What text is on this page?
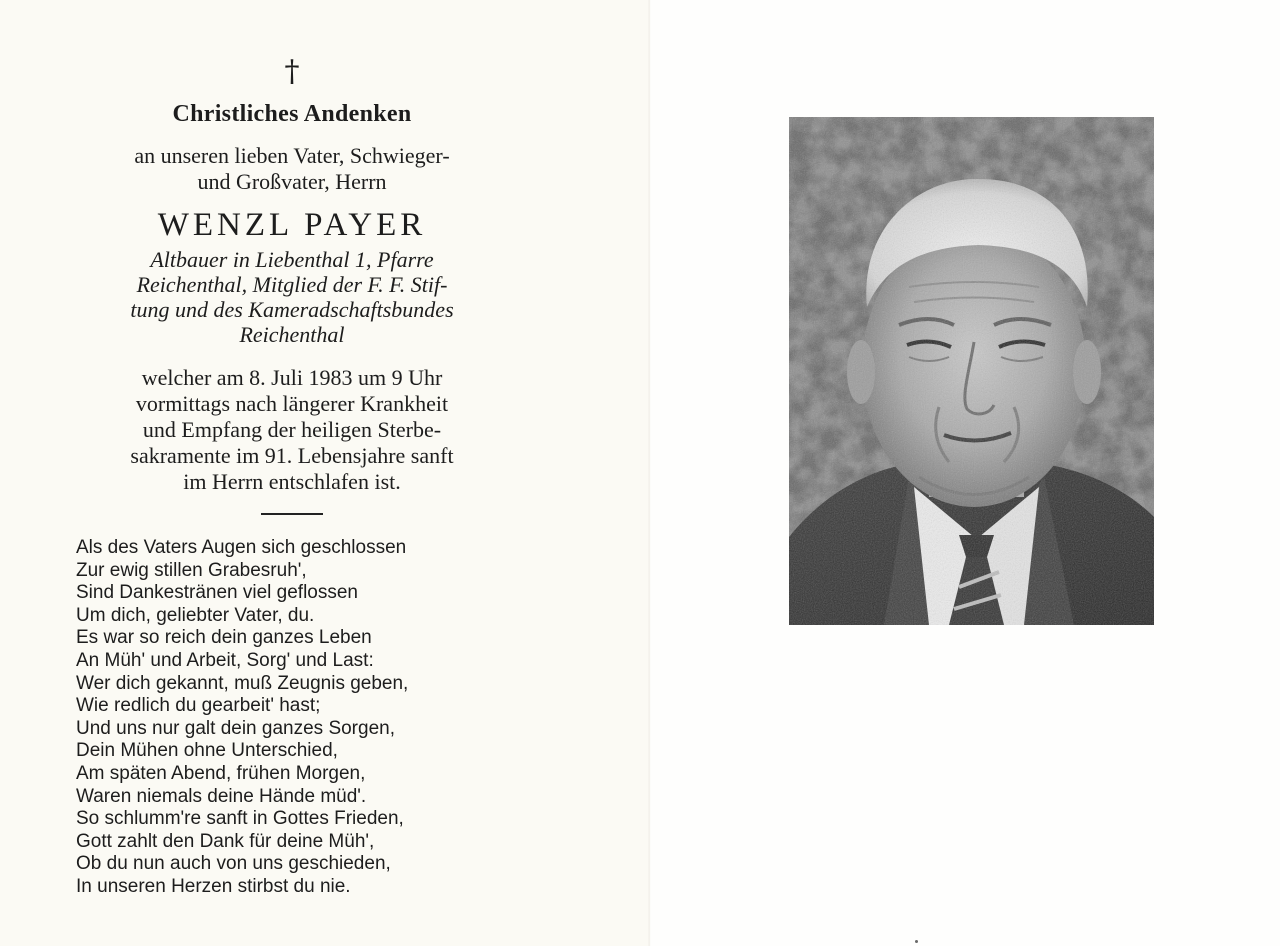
†
Christliches Andenken
an unseren lieben Vater, Schwieger-
und Großvater, Herrn
WENZL PAYER
Altbauer in Liebenthal 1, Pfarre
Reichenthal, Mitglied der F. F. Stif-
tung und des Kameradschaftsbundes
Reichenthal
welcher am 8. Juli 1983 um 9 Uhr
vormittags nach längerer Krankheit
und Empfang der heiligen Sterbe-
sakramente im 91. Lebensjahre sanft
im Herrn entschlafen ist.
Als des Vaters Augen sich geschlossen
Zur ewig stillen Grabesruh',
Sind Dankestränen viel geflossen
Um dich, geliebter Vater, du.
Es war so reich dein ganzes Leben
An Müh' und Arbeit, Sorg' und Last:
Wer dich gekannt, muß Zeugnis geben,
Wie redlich du gearbeit' hast;
Und uns nur galt dein ganzes Sorgen,
Dein Mühen ohne Unterschied,
Am späten Abend, frühen Morgen,
Waren niemals deine Hände müd'.
So schlumm're sanft in Gottes Frieden,
Gott zahlt den Dank für deine Müh',
Ob du nun auch von uns geschieden,
In unseren Herzen stirbst du nie.
